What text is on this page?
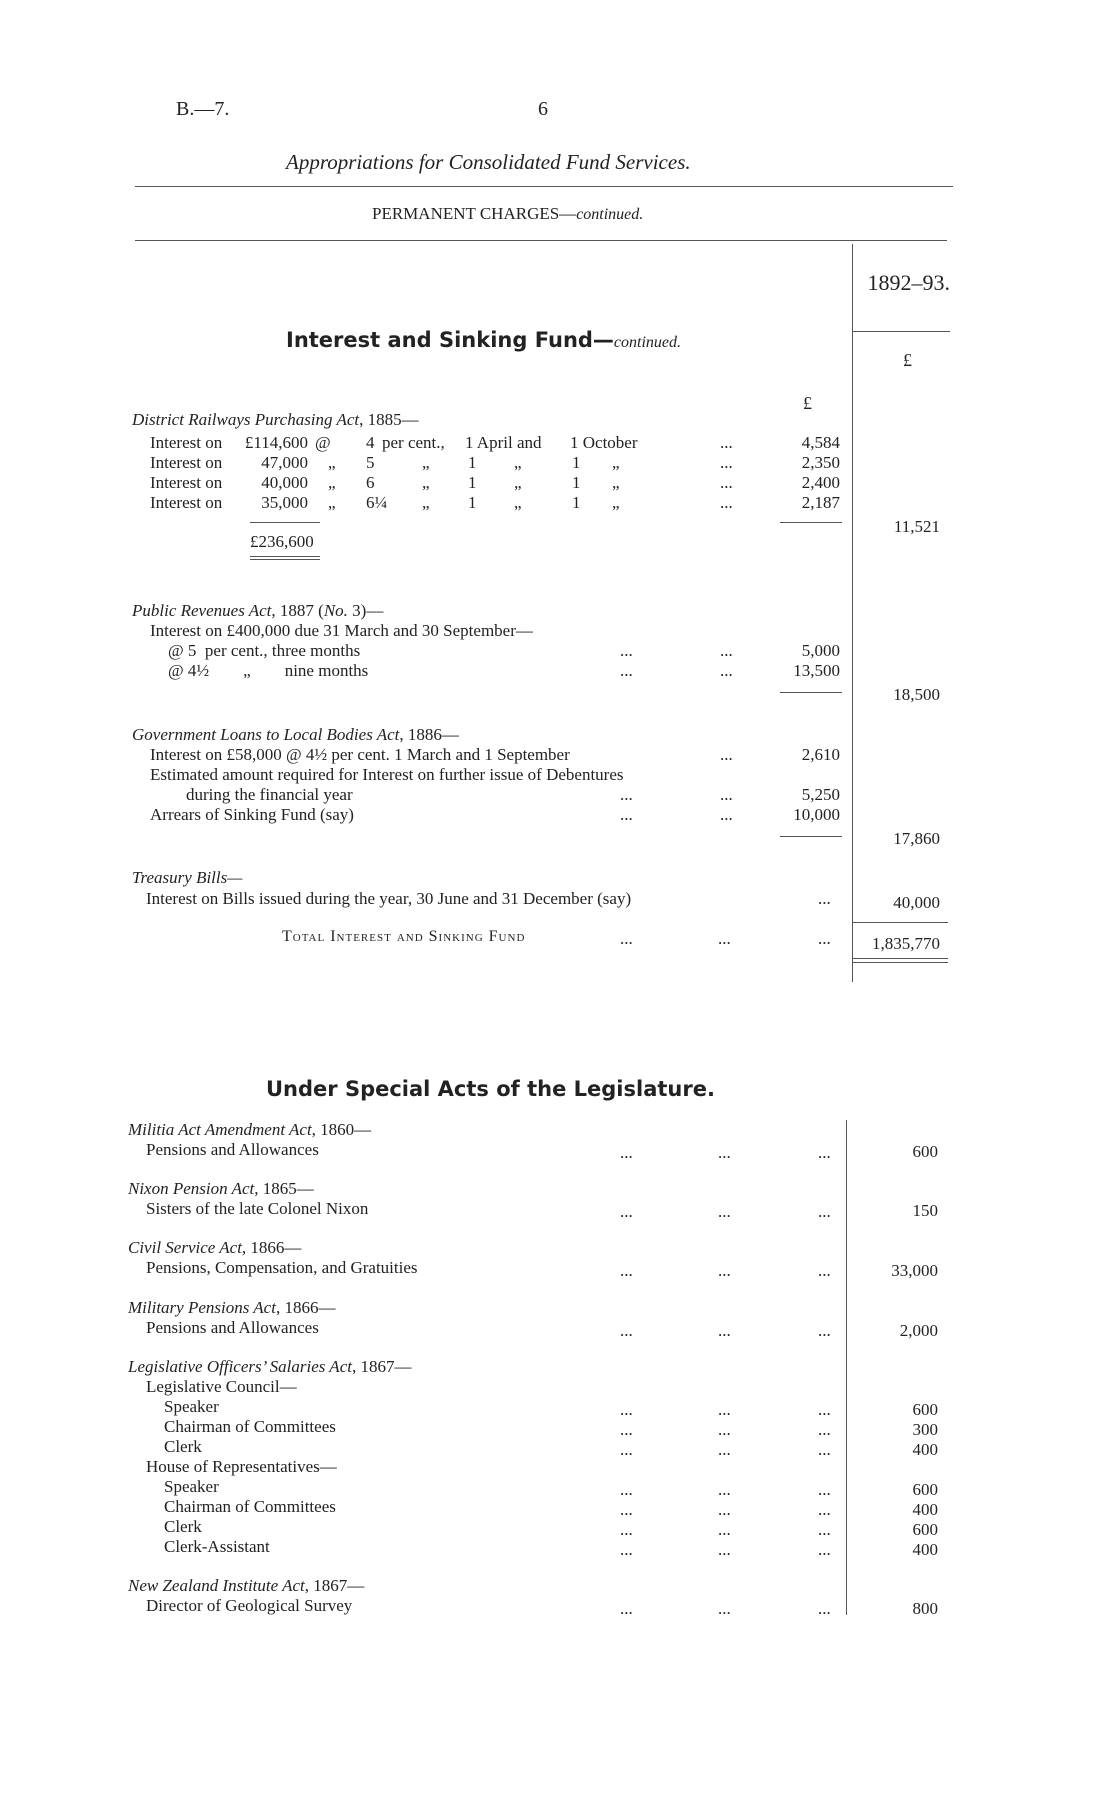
B.—7.	6
Appropriations for Consolidated Fund Services.
PERMANENT CHARGES—continued.
1892–93.
£
£
Interest and Sinking Fund—continued.
District Railways Purchasing Act, 1885—
Interest on £114,600 @ 4 per cent., 1 April and 1 October	...	4,584
Interest on	47,000 „ 5	„ 1 „	1 „	...	2,350
Interest on	40,000 „ 6	„ 1 „	1 „	...	2,400
Interest on	35,000 „ 6¼ „ 1 „	1 „	...	2,187
£236,600
11,521
Public Revenues Act, 1887 (No. 3)—
Interest on £400,000 due 31 March and 30 September—
@ 5  per cent., three months	...	...	5,000
@ 4½        „        nine months	...	...	13,500
18,500
Government Loans to Local Bodies Act, 1886—
Interest on £58,000 @ 4½ per cent. 1 March and 1 September	...	2,610
Estimated amount required for Interest on further issue of Debentures
during the financial year	...	...	5,250
Arrears of Sinking Fund (say)	...	...	10,000
17,860
Treasury Bills—
Interest on Bills issued during the year, 30 June and 31 December (say)	...	40,000
Total Interest and Sinking Fund	...	...	...	1,835,770
Under Special Acts of the Legislature.
Militia Act Amendment Act, 1860—
Pensions and Allowances	...	...	...	600
Nixon Pension Act, 1865—
Sisters of the late Colonel Nixon	...	...	...	150
Civil Service Act, 1866—
Pensions, Compensation, and Gratuities	...	...	...	33,000
Military Pensions Act, 1866—
Pensions and Allowances	...	...	...	2,000
Legislative Officers’ Salaries Act, 1867—
Legislative Council—
Speaker	...	...	...	600
Chairman of Committees	...	...	...	300
Clerk	...	...	...	400
House of Representatives—
Speaker	...	...	...	600
Chairman of Committees	...	...	...	400
Clerk	...	...	...	600
Clerk-Assistant	...	...	...	400
New Zealand Institute Act, 1867—
Director of Geological Survey	...	...	...	800
